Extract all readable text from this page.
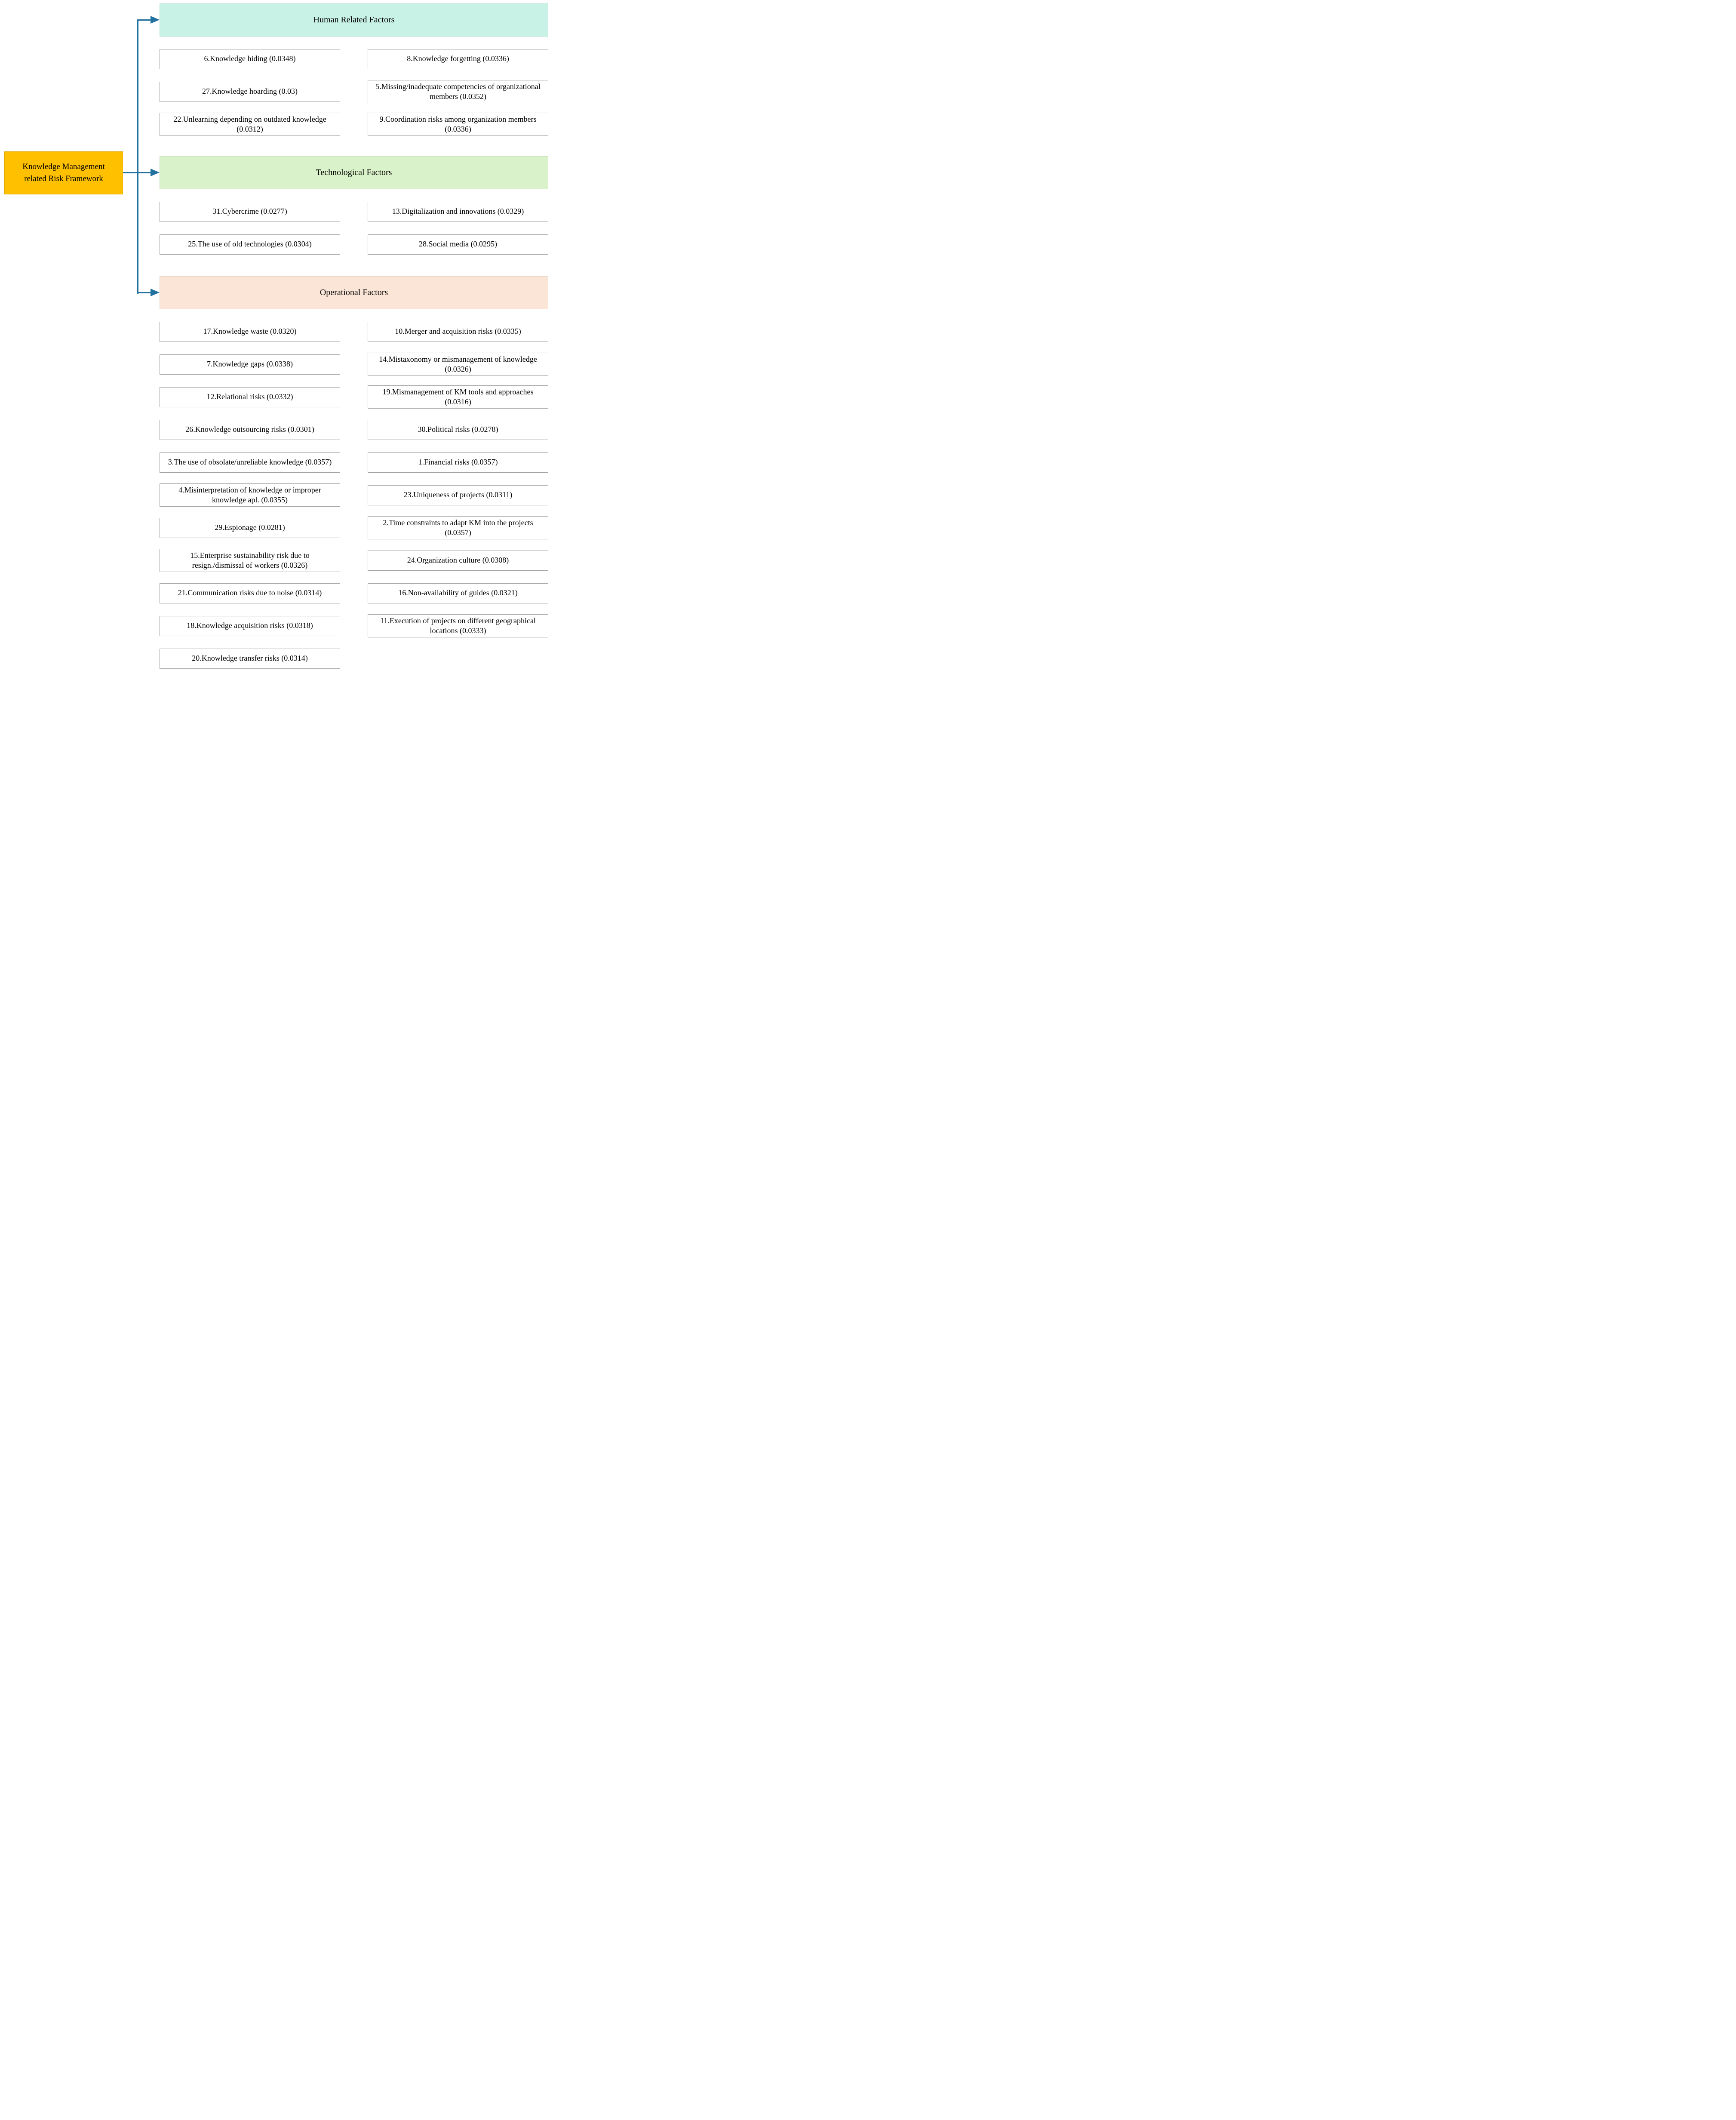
Knowledge Management related Risk Framework
Human Related Factors
6.Knowledge hiding (0.0348)
27.Knowledge hoarding (0.03)
22.Unlearning depending on outdated knowledge (0.0312)
8.Knowledge forgetting (0.0336)
5.Missing/inadequate competencies of organizational members (0.0352)
9.Coordination risks among organization members (0.0336)
Technological Factors
31.Cybercrime (0.0277)
25.The use of old technologies (0.0304)
13.Digitalization and innovations (0.0329)
28.Social media (0.0295)
Operational Factors
17.Knowledge waste (0.0320)
7.Knowledge gaps (0.0338)
12.Relational risks (0.0332)
26.Knowledge outsourcing risks (0.0301)
3.The use of obsolate/unreliable knowledge (0.0357)
4.Misinterpretation of knowledge or improper knowledge apl. (0.0355)
29.Espionage (0.0281)
15.Enterprise sustainability risk due to resign./dismissal of workers (0.0326)
21.Communication risks due to noise (0.0314)
18.Knowledge acquisition risks (0.0318)
20.Knowledge transfer risks (0.0314)
10.Merger and acquisition risks (0.0335)
14.Mistaxonomy or mismanagement of knowledge (0.0326)
19.Mismanagement of KM tools and approaches (0.0316)
30.Political risks (0.0278)
1.Financial risks (0.0357)
23.Uniqueness of projects (0.0311)
2.Time constraints to adapt KM into the projects (0.0357)
24.Organization culture (0.0308)
16.Non-availability of guides (0.0321)
11.Execution of projects on different geographical locations (0.0333)
